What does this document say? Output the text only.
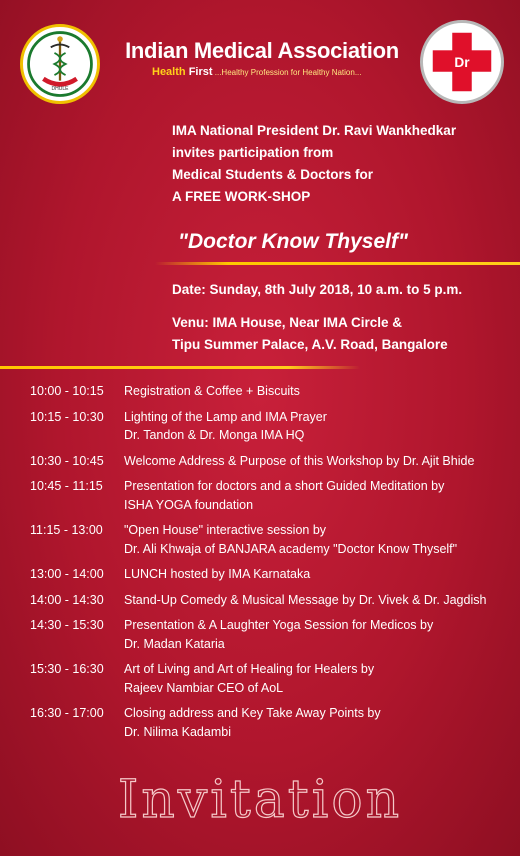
DHULE
Indian Medical Association
Health First ...Healthy Profession for Healthy Nation...
Dr
IMA National President Dr. Ravi Wankhedkar
invites participation from
Medical Students & Doctors for
A FREE WORK-SHOP
"Doctor Know Thyself"
Date: Sunday, 8th July 2018, 10 a.m. to 5 p.m.
Venu: IMA House, Near IMA Circle &
Tipu Summer Palace, A.V. Road, Bangalore
10:00 - 10:15	Registration & Coffee + Biscuits
10:15 - 10:30	Lighting of the Lamp and IMA Prayer
Dr. Tandon & Dr. Monga IMA HQ
10:30 - 10:45	Welcome Address & Purpose of this Workshop by Dr. Ajit Bhide
10:45 - 11:15	Presentation for doctors and a short Guided Meditation by
ISHA YOGA foundation
11:15 - 13:00	"Open House" interactive session by
Dr. Ali Khwaja of BANJARA academy "Doctor Know Thyself"
13:00 - 14:00	LUNCH hosted by IMA Karnataka
14:00 - 14:30	Stand-Up Comedy & Musical Message by Dr. Vivek & Dr. Jagdish
14:30 - 15:30	Presentation & A Laughter Yoga Session for Medicos by
Dr. Madan Kataria
15:30 - 16:30	Art of Living and Art of Healing for Healers by
Rajeev Nambiar CEO of AoL
16:30 - 17:00	Closing address and Key Take Away Points by
Dr. Nilima Kadambi
Invitation
